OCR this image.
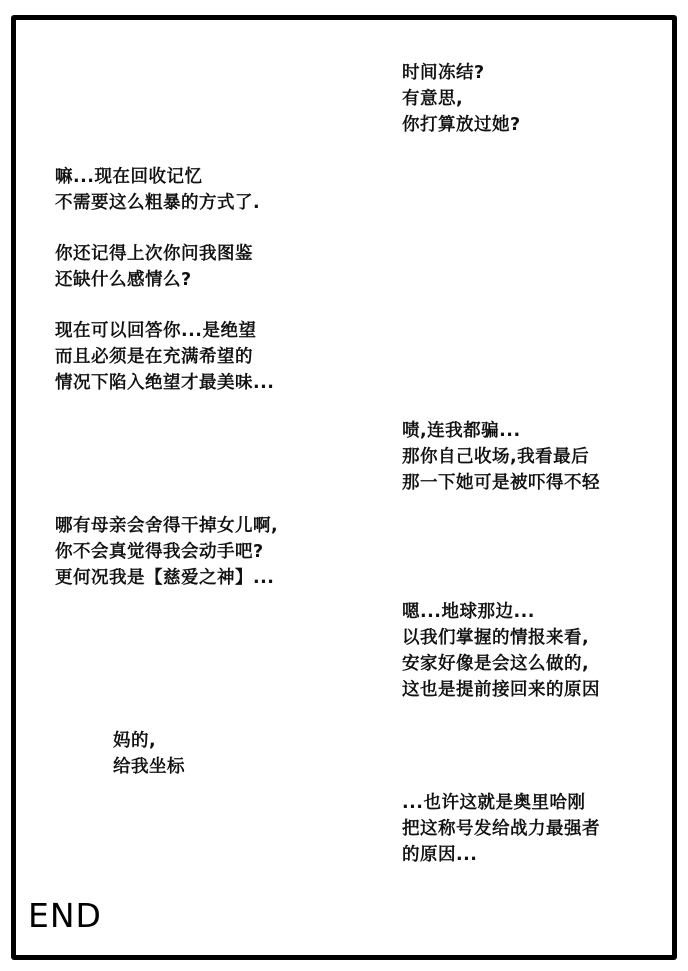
时间冻结?
有意思,
你打算放过她?
嘛...现在回收记忆
不需要这么粗暴的方式了.
你还记得上次你问我图鉴
还缺什么感情么?
现在可以回答你...是绝望
而且必须是在充满希望的
情况下陷入绝望才最美味...
啧,连我都骗...
那你自己收场,我看最后
那一下她可是被吓得不轻
哪有母亲会舍得干掉女儿啊,
你不会真觉得我会动手吧?
更何况我是【慈爱之神】...
嗯...地球那边...
以我们掌握的情报来看,
安家好像是会这么做的,
这也是提前接回来的原因
妈的,
给我坐标
...也许这就是奥里哈刚
把这称号发给战力最强者
的原因...
END
